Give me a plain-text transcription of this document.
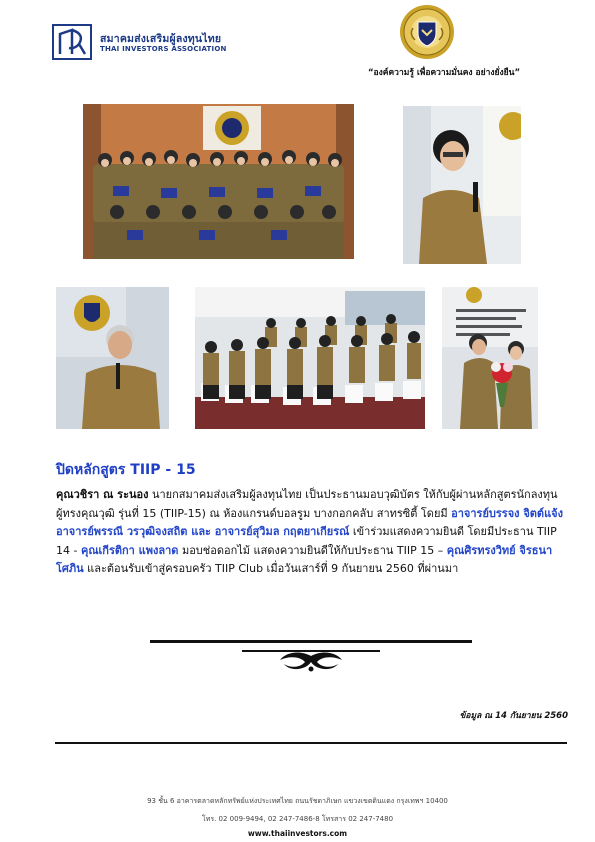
สมาคมส่งเสริมผู้ลงทุนไทย
THAI INVESTORS ASSOCIATION
“องค์ความรู้ เพื่อความมั่นคง อย่างยั่งยืน”
ปิดหลักสูตร TIIP - 15
คุณวชิรา ณ ระนอง นายกสมาคมส่งเสริมผู้ลงทุนไทย เป็นประธานมอบวุฒิบัตร ให้กับผู้ผ่านหลักสูตรนักลงทุนผู้ทรงคุณวุฒิ รุ่นที่ 15 (TIIP-15) ณ ห้องแกรนด์บอลรูม บางกอกคลับ สาทรซิตี้ โดยมี อาจารย์บรรจง จิตต์แจ้ง อาจารย์พรรณี วรวุฒิจงสถิต และ อาจารย์สุวิมล กฤตยาเกียรณ์ เข้าร่วมแสดงความยินดี โดยมีประธาน TIIP 14 - คุณเกีรติกา แพงลาด มอบช่อดอกไม้ แสดงความยินดีให้กับประธาน TIIP 15 – คุณศิรทรงวิทย์ จิรธนาโศภิน และต้อนรับเข้าสู่ครอบครัว TIIP Club เมื่อวันเสาร์ที่ 9 กันยายน 2560 ที่ผ่านมา
ข้อมูล ณ 14 กันยายน 2560
93 ชั้น 6 อาคารตลาดหลักทรัพย์แห่งประเทศไทย ถนนรัชดาภิเษก แขวงเขตดินแดง กรุงเทพฯ 10400
โทร. 02 009-9494, 02 247-7486-8 โทรสาร 02 247-7480
www.thaiinvestors.com
